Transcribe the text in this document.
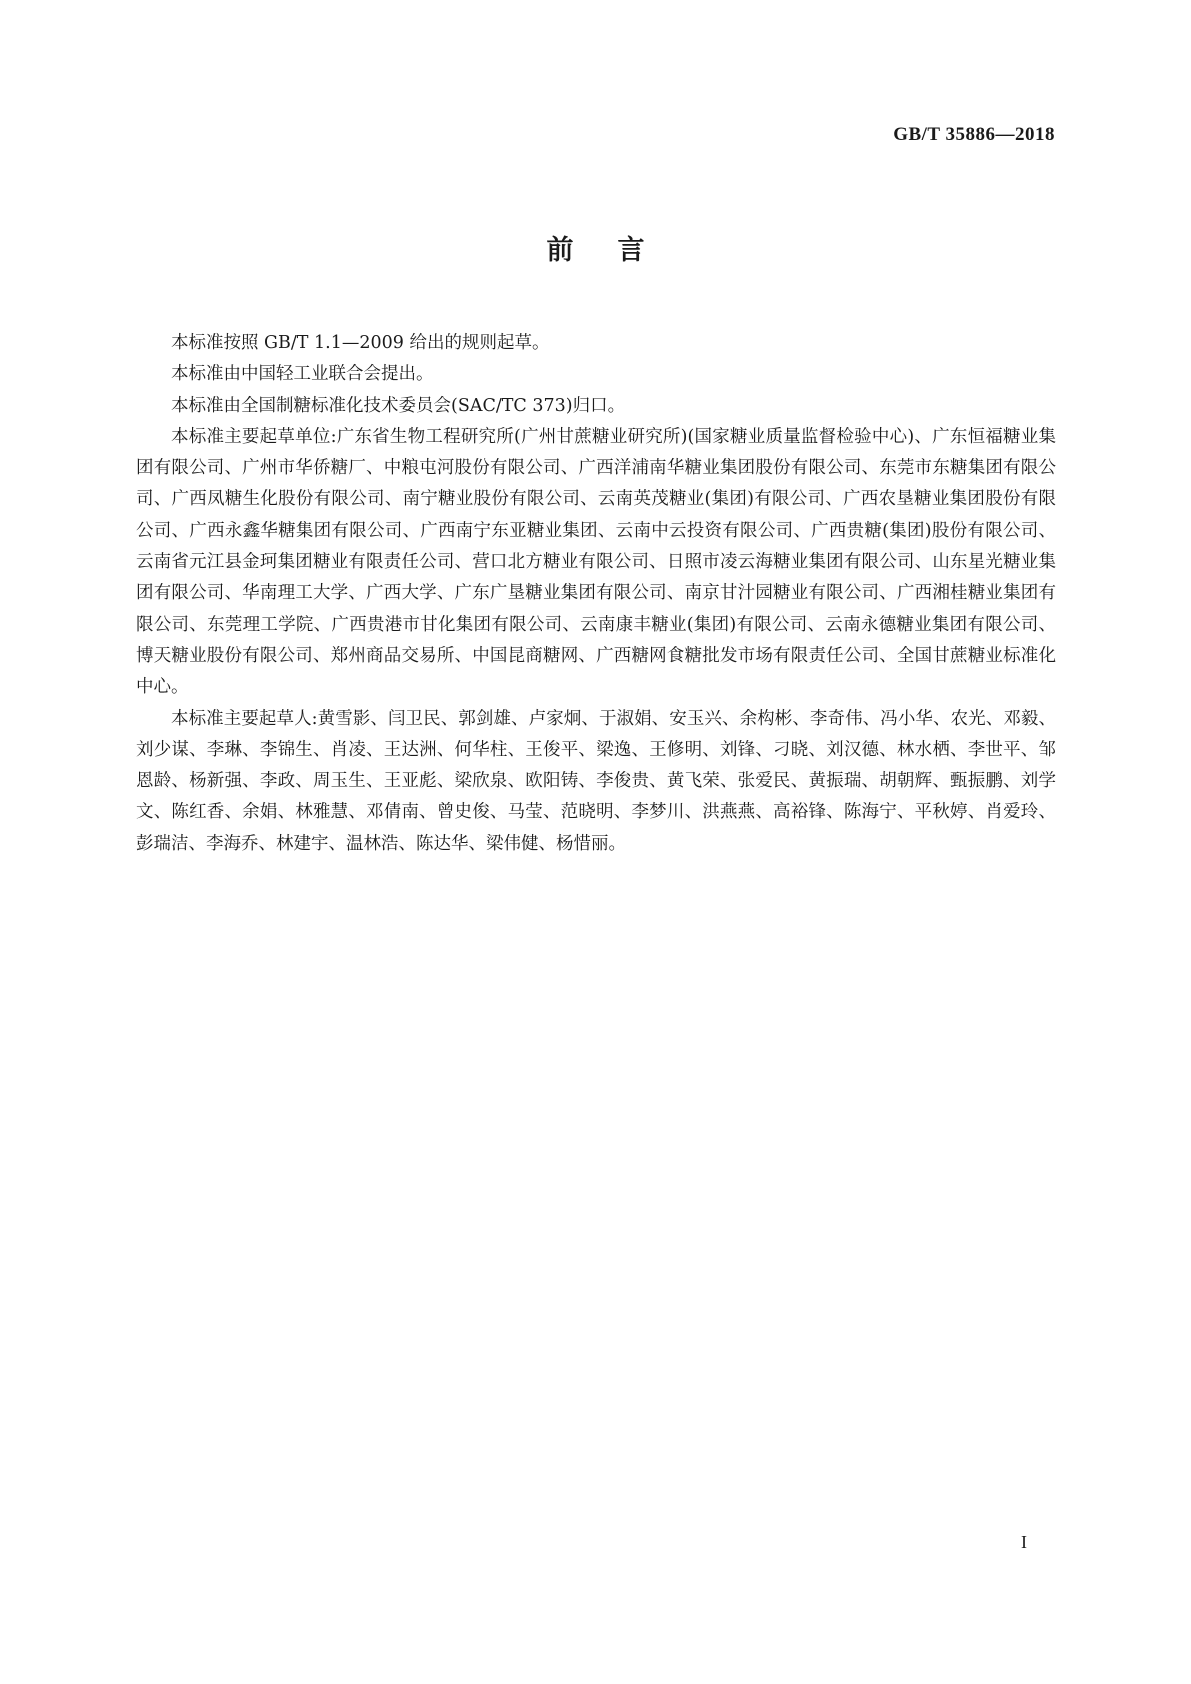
GB/T 35886—2018
前言

本标准按照 GB/T 1.1—2009 给出的规则起草。

本标准由中国轻工业联合会提出。

本标准由全国制糖标准化技术委员会(SAC/TC 373)归口。

本标准主要起草单位:广东省生物工程研究所(广州甘蔗糖业研究所)(国家糖业质量监督检验中心)、广东恒福糖业集团有限公司、广州市华侨糖厂、中粮屯河股份有限公司、广西洋浦南华糖业集团股份有限公司、东莞市东糖集团有限公司、广西凤糖生化股份有限公司、南宁糖业股份有限公司、云南英茂糖业(集团)有限公司、广西农垦糖业集团股份有限公司、广西永鑫华糖集团有限公司、广西南宁东亚糖业集团、云南中云投资有限公司、广西贵糖(集团)股份有限公司、云南省元江县金珂集团糖业有限责任公司、营口北方糖业有限公司、日照市凌云海糖业集团有限公司、山东星光糖业集团有限公司、华南理工大学、广西大学、广东广垦糖业集团有限公司、南京甘汁园糖业有限公司、广西湘桂糖业集团有限公司、东莞理工学院、广西贵港市甘化集团有限公司、云南康丰糖业(集团)有限公司、云南永德糖业集团有限公司、博天糖业股份有限公司、郑州商品交易所、中国昆商糖网、广西糖网食糖批发市场有限责任公司、全国甘蔗糖业标准化中心。

本标准主要起草人:黄雪影、闫卫民、郭剑雄、卢家炯、于淑娟、安玉兴、余构彬、李奇伟、冯小华、农光、邓毅、刘少谋、李琳、李锦生、肖凌、王达洲、何华柱、王俊平、梁逸、王修明、刘锋、刁晓、刘汉德、林水栖、李世平、邹恩龄、杨新强、李政、周玉生、王亚彪、梁欣泉、欧阳铸、李俊贵、黄飞荣、张爱民、黄振瑞、胡朝辉、甄振鹏、刘学文、陈红香、余娟、林雅慧、邓倩南、曾史俊、马莹、范晓明、李梦川、洪燕燕、高裕锋、陈海宁、平秋婷、肖爱玲、彭瑞洁、李海乔、林建宇、温林浩、陈达华、梁伟健、杨惜丽。

I
